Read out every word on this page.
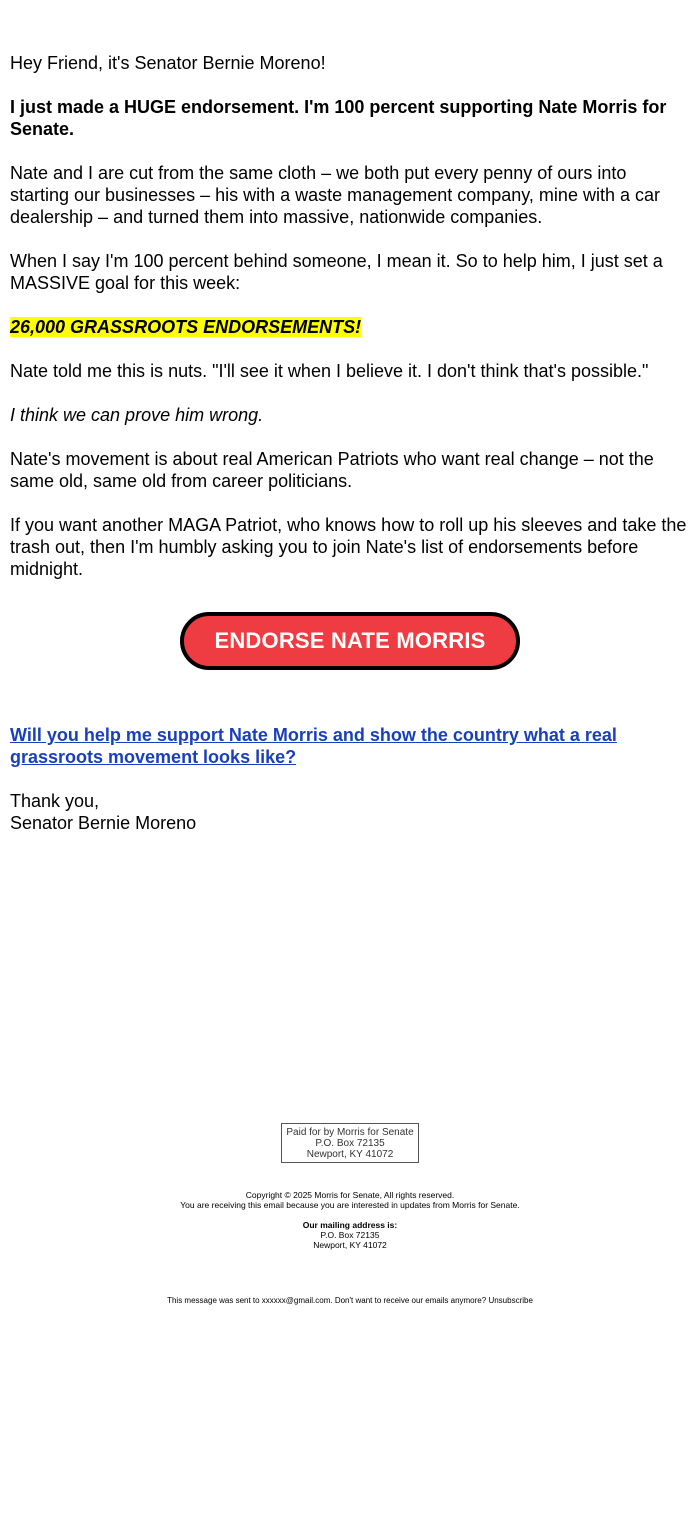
Hey Friend, it's Senator Bernie Moreno!

I just made a HUGE endorsement. I'm 100 percent supporting Nate Morris for Senate.

Nate and I are cut from the same cloth – we both put every penny of ours into starting our businesses – his with a waste management company, mine with a car dealership – and turned them into massive, nationwide companies.

When I say I'm 100 percent behind someone, I mean it. So to help him, I just set a MASSIVE goal for this week:

26,000 GRASSROOTS ENDORSEMENTS!

Nate told me this is nuts. "I'll see it when I believe it. I don't think that's possible."

I think we can prove him wrong.

Nate's movement is about real American Patriots who want real change – not the same old, same old from career politicians.

If you want another MAGA Patriot, who knows how to roll up his sleeves and take the trash out, then I'm humbly asking you to join Nate's list of endorsements before midnight.

ENDORSE NATE MORRIS
Will you help me support Nate Morris and show the country what a real grassroots movement looks like?
Thank you,
Senator Bernie Moreno
Paid for by Morris for Senate
P.O. Box 72135
Newport, KY 41072
Copyright © 2025 Morris for Senate, All rights reserved.
You are receiving this email because you are interested in updates from Morris for Senate.
Our mailing address is:
P.O. Box 72135
Newport, KY 41072
This message was sent to xxxxxx@gmail.com. Don't want to receive our emails anymore? Unsubscribe
